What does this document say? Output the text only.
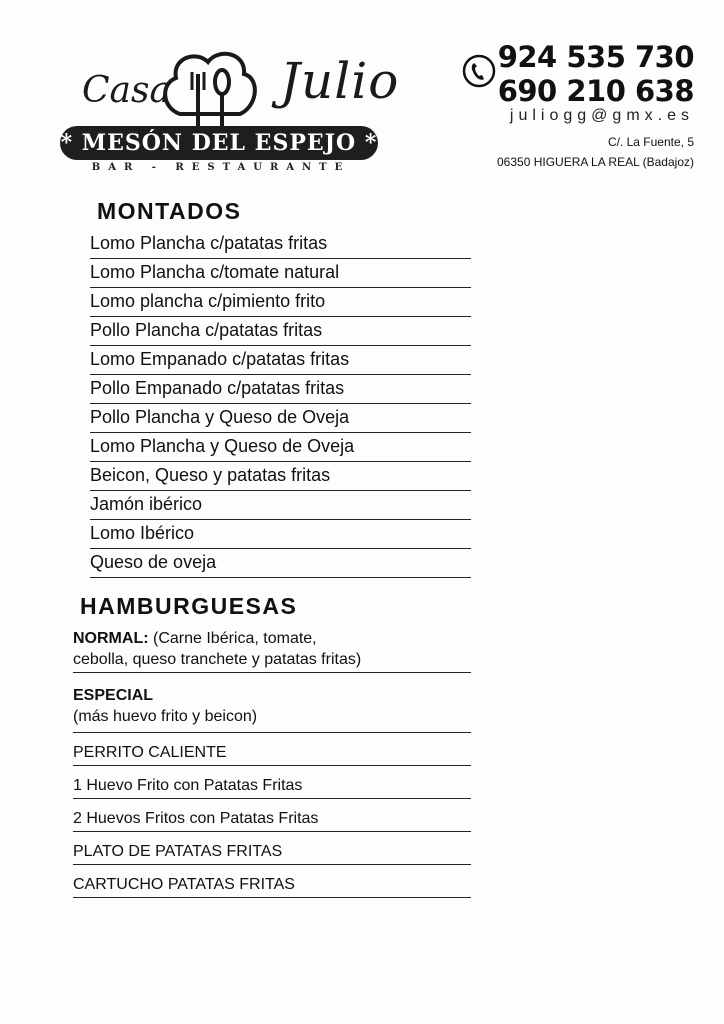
Casa Julio
* MESÓN DEL ESPEJO *
BAR - RESTAURANTE
924 535 730
690 210 638
juliogg@gmx.es
C/. La Fuente, 5
06350 HIGUERA LA REAL (Badajoz)
MONTADOS
Lomo Plancha c/patatas fritas
Lomo Plancha c/tomate natural
Lomo plancha c/pimiento frito
Pollo Plancha c/patatas fritas
Lomo Empanado c/patatas fritas
Pollo Empanado c/patatas fritas
Pollo Plancha y Queso de Oveja
Lomo Plancha y Queso de Oveja
Beicon, Queso y patatas fritas
Jamón ibérico
Lomo Ibérico
Queso de oveja
HAMBURGUESAS
NORMAL: (Carne Ibérica, tomate,
cebolla, queso tranchete y patatas fritas)
ESPECIAL
(más huevo frito y beicon)
PERRITO CALIENTE
1 Huevo Frito con Patatas Fritas
2 Huevos Fritos con Patatas Fritas
PLATO DE PATATAS FRITAS
CARTUCHO PATATAS FRITAS
